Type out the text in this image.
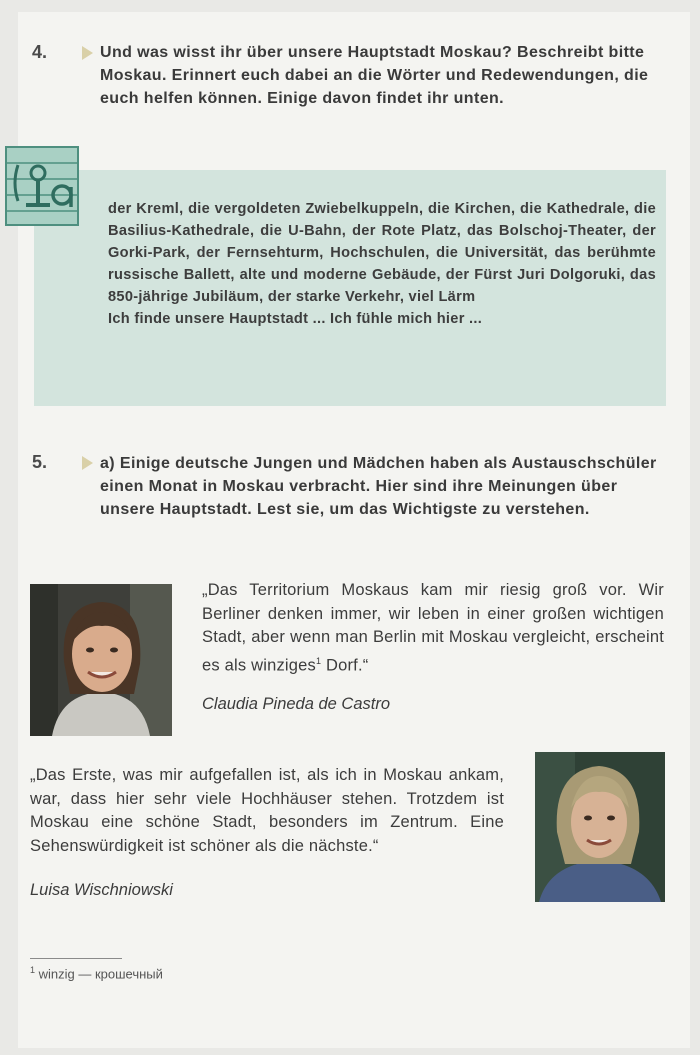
4.	Und was wisst ihr über unsere Hauptstadt Moskau? Beschreibt bitte Moskau. Erinnert euch dabei an die Wörter und Redewendungen, die euch helfen können. Einige davon findet ihr unten.

der Kreml, die vergoldeten Zwiebelkuppeln, die Kirchen, die Kathedrale, die Basilius-Kathedrale, die U-Bahn, der Rote Platz, das Bolschoj-Theater, der Gorki-Park, der Fernsehturm, Hochschulen, die Universität, das berühmte russische Ballett, alte und moderne Gebäude, der Fürst Juri Dolgoruki, das 850-jährige Jubiläum, der starke Verkehr, viel Lärm
Ich finde unsere Hauptstadt ... Ich fühle mich hier ...
5.	a) Einige deutsche Jungen und Mädchen haben als Austauschschüler einen Monat in Moskau verbracht. Hier sind ihre Meinungen über unsere Hauptstadt. Lest sie, um das Wichtigste zu verstehen.

„Das Territorium Moskaus kam mir riesig groß vor. Wir Berliner denken immer, wir leben in einer großen wichtigen Stadt, aber wenn man Berlin mit Moskau vergleicht, erscheint es als winziges$^1$ Dorf.“

Claudia Pineda de Castro

„Das Erste, was mir aufgefallen ist, als ich in Moskau ankam, war, dass hier sehr viele Hochhäuser stehen. Trotzdem ist Moskau eine schöne Stadt, besonders im Zentrum. Eine Sehenswürdigkeit ist schöner als die nächste.“

Luisa Wischniowski

$^1$ winzig — крошечный
